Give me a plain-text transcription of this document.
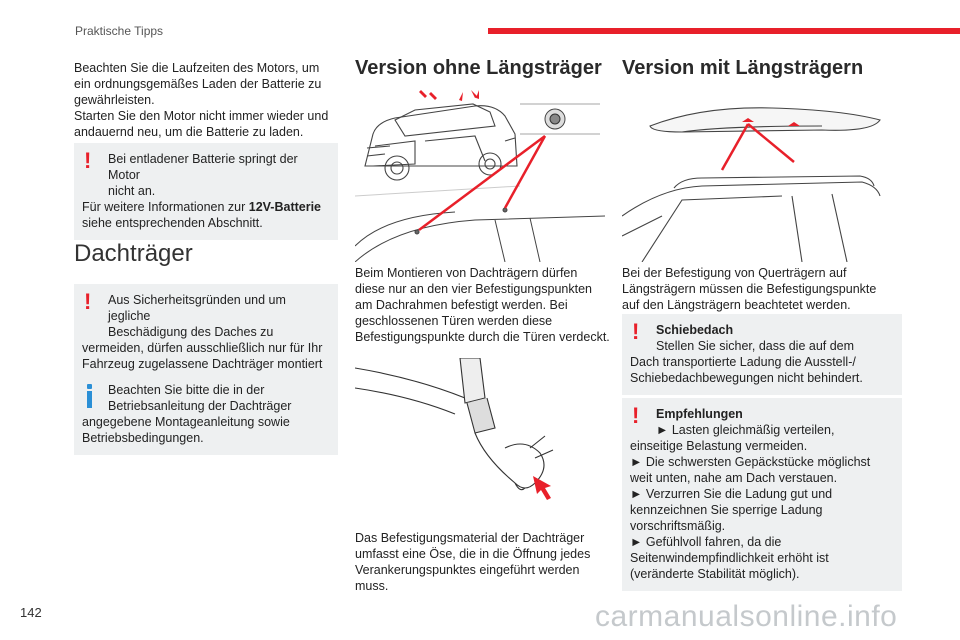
Praktische Tipps

Beachten Sie die Laufzeiten des Motors, um

ein ordnungsgemäßes Laden der Batterie zu

gewährleisten.

Starten Sie den Motor nicht immer wieder und

andauernd neu, um die Batterie zu laden.

!	Bei entladener Batterie springt der Motor
nicht an.
Für weitere Informationen zur 12V-Batterie
siehe entsprechenden Abschnitt.
Dachträger
!	Aus Sicherheitsgründen und um jegliche
Beschädigung des Daches zu
vermeiden, dürfen ausschließlich nur für Ihr
Fahrzeug zugelassene Dachträger montiert
Beachten Sie bitte die in der
Betriebsanleitung der Dachträger
angegebene Montageanleitung sowie
Betriebsbedingungen.
Version ohne Längsträger

Beim Montieren von Dachträgern dürfen

diese nur an den vier Befestigungspunkten

am Dachrahmen befestigt werden. Bei

geschlossenen Türen werden diese

Befestigungspunkte durch die Türen verdeckt.

Das Befestigungsmaterial der Dachträger

umfasst eine Öse, die in die Öffnung jedes

Verankerungspunktes eingeführt werden muss.

Version mit Längsträgern

Bei der Befestigung von Querträgern auf

Längsträgern müssen die Befestigungspunkte

auf den Längsträgern beachtetet werden.

!	Schiebedach
Stellen Sie sicher, dass die auf dem
Dach transportierte Ladung die Ausstell-/
Schiebedachbewegungen nicht behindert.
!	Empfehlungen
► Lasten gleichmäßig verteilen,
einseitige Belastung vermeiden.
► Die schwersten Gepäckstücke möglichst
weit unten, nahe am Dach verstauen.
► Verzurren Sie die Ladung gut und
kennzeichnen Sie sperrige Ladung
vorschriftsmäßig.
► Gefühlvoll fahren, da die
Seitenwindempfindlichkeit erhöht ist
(veränderte Stabilität möglich).
142	carmanualsonline.info
